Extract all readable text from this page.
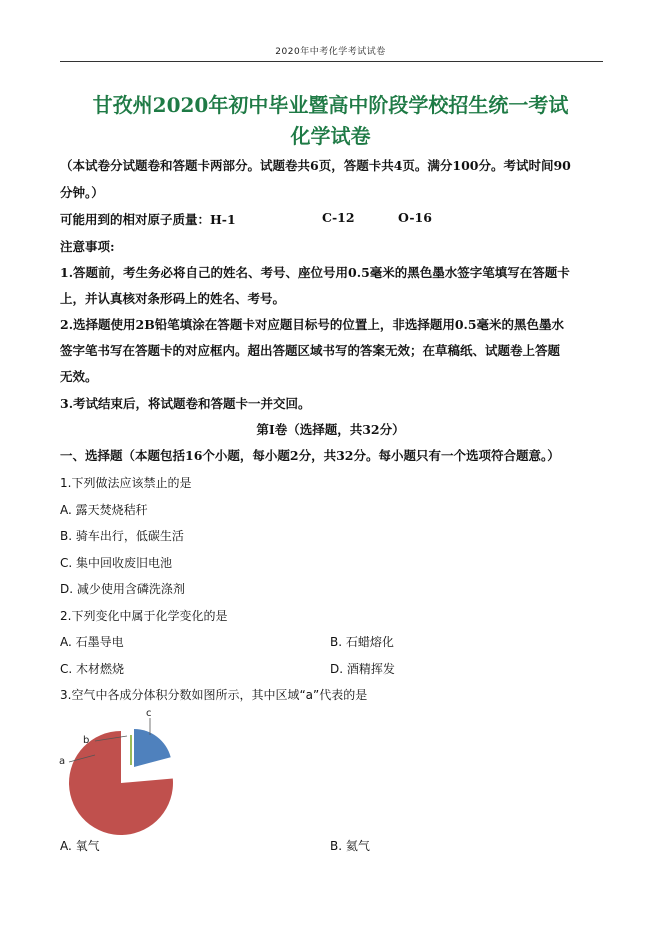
2020年中考化学考试试卷
甘孜州2020年初中毕业暨高中阶段学校招生统一考试
化学试卷
（本试卷分试题卷和答题卡两部分。试题卷共6页，答题卡共4页。满分100分。考试时间90
分钟。）
可能用到的相对原子质量：H-1	C-12	O-16
注意事项:
1.答题前，考生务必将自己的姓名、考号、座位号用0.5毫米的黑色墨水签字笔填写在答题卡
上，并认真核对条形码上的姓名、考号。
2.选择题使用2B铅笔填涂在答题卡对应题目标号的位置上，非选择题用0.5毫米的黑色墨水
签字笔书写在答题卡的对应框内。超出答题区域书写的答案无效；在草稿纸、试题卷上答题
无效。
3.考试结束后，将试题卷和答题卡一并交回。
第Ⅰ卷（选择题，共32分）
一、选择题（本题包括16个小题，每小题2分，共32分。每小题只有一个选项符合题意。）
1.下列做法应该禁止的是
A. 露天焚烧秸秆
B. 骑车出行，低碳生活
C. 集中回收废旧电池
D. 减少使用含磷洗涤剂
2.下列变化中属于化学变化的是
A. 石墨导电	B. 石蜡熔化
C. 木材燃烧	D. 酒精挥发
3.空气中各成分体积分数如图所示，其中区域“a”代表的是
a
b
c
A. 氧气	B. 氦气
